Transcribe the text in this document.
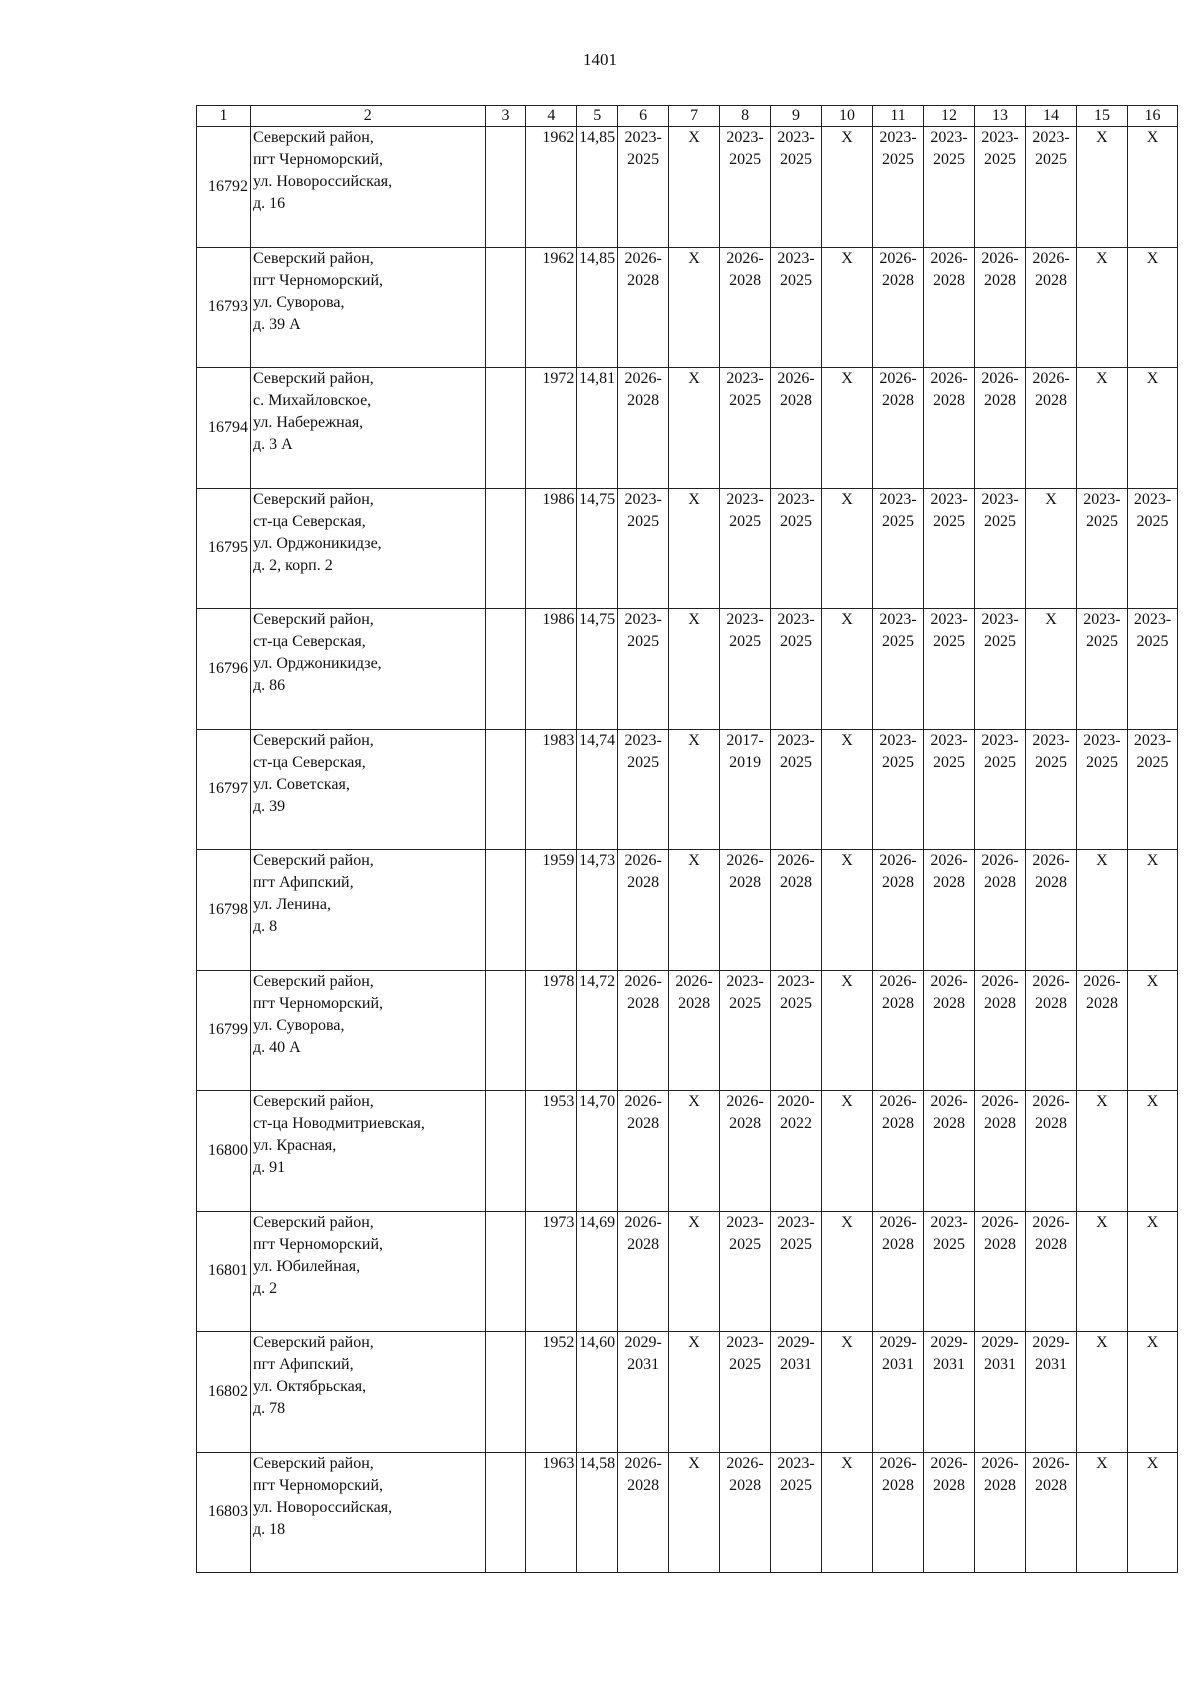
1401
1	2	3	4	5	6	7	8	9	10	11	12	13	14	15	16
16792	Северский район,
пгт Черноморский,
ул. Новороссийская,
д. 16		1962	14,85	2023-
2025	X	2023-
2025	2023-
2025	X	2023-
2025	2023-
2025	2023-
2025	2023-
2025	X	X

16793	Северский район,
пгт Черноморский,
ул. Суворова,
д. 39 А		1962	14,85	2026-
2028	X	2026-
2028	2023-
2025	X	2026-
2028	2026-
2028	2026-
2028	2026-
2028	X	X

16794	Северский район,
с. Михайловское,
ул. Набережная,
д. 3 А		1972	14,81	2026-
2028	X	2023-
2025	2026-
2028	X	2026-
2028	2026-
2028	2026-
2028	2026-
2028	X	X

16795	Северский район,
ст-ца Северская,
ул. Орджоникидзе,
д. 2, корп. 2		1986	14,75	2023-
2025	X	2023-
2025	2023-
2025	X	2023-
2025	2023-
2025	2023-
2025	X	2023-
2025	2023-
2025

16796	Северский район,
ст-ца Северская,
ул. Орджоникидзе,
д. 86		1986	14,75	2023-
2025	X	2023-
2025	2023-
2025	X	2023-
2025	2023-
2025	2023-
2025	X	2023-
2025	2023-
2025

16797	Северский район,
ст-ца Северская,
ул. Советская,
д. 39		1983	14,74	2023-
2025	X	2017-
2019	2023-
2025	X	2023-
2025	2023-
2025	2023-
2025	2023-
2025	2023-
2025	2023-
2025

16798	Северский район,
пгт Афипский,
ул. Ленина,
д. 8		1959	14,73	2026-
2028	X	2026-
2028	2026-
2028	X	2026-
2028	2026-
2028	2026-
2028	2026-
2028	X	X

16799	Северский район,
пгт Черноморский,
ул. Суворова,
д. 40 А		1978	14,72	2026-
2028	2026-
2028	2023-
2025	2023-
2025	X	2026-
2028	2026-
2028	2026-
2028	2026-
2028	2026-
2028	X

16800	Северский район,
ст-ца Новодмитриевская,
ул. Красная,
д. 91		1953	14,70	2026-
2028	X	2026-
2028	2020-
2022	X	2026-
2028	2026-
2028	2026-
2028	2026-
2028	X	X

16801	Северский район,
пгт Черноморский,
ул. Юбилейная,
д. 2		1973	14,69	2026-
2028	X	2023-
2025	2023-
2025	X	2026-
2028	2023-
2025	2026-
2028	2026-
2028	X	X

16802	Северский район,
пгт Афипский,
ул. Октябрьская,
д. 78		1952	14,60	2029-
2031	X	2023-
2025	2029-
2031	X	2029-
2031	2029-
2031	2029-
2031	2029-
2031	X	X

16803	Северский район,
пгт Черноморский,
ул. Новороссийская,
д. 18		1963	14,58	2026-
2028	X	2026-
2028	2023-
2025	X	2026-
2028	2026-
2028	2026-
2028	2026-
2028	X	X
